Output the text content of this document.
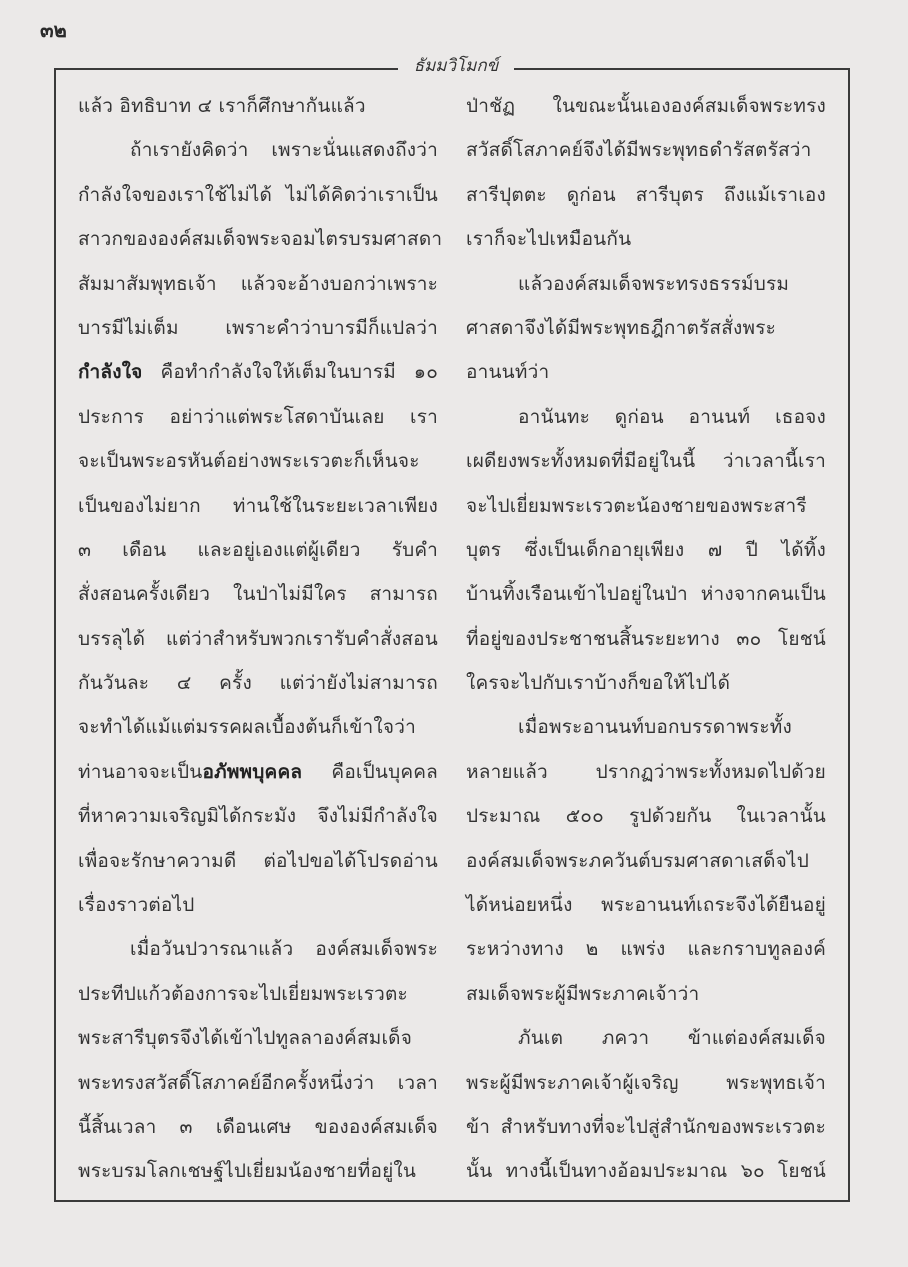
๓๒
ธัมมวิโมกข์
แล้ว อิทธิบาท ๔ เราก็ศึกษากันแล้ว
ถ้าเรายังคิดว่า เพราะนั่นแสดงถึงว่า
กำลังใจของเราใช้ไม่ได้ ไม่ได้คิดว่าเราเป็น
สาวกขององค์สมเด็จพระจอมไตรบรมศาสดา
สัมมาสัมพุทธเจ้า แล้วจะอ้างบอกว่าเพราะ
บารมีไม่เต็ม เพราะคำว่าบารมีก็แปลว่า
กำลังใจ คือทำกำลังใจให้เต็มในบารมี ๑๐
ประการ อย่าว่าแต่พระโสดาบันเลย เรา
จะเป็นพระอรหันต์อย่างพระเรวตะก็เห็นจะ
เป็นของไม่ยาก ท่านใช้ในระยะเวลาเพียง
๓ เดือน และอยู่เองแต่ผู้เดียว รับคำ
สั่งสอนครั้งเดียว ในป่าไม่มีใคร สามารถ
บรรลุได้ แต่ว่าสำหรับพวกเรารับคำสั่งสอน
กันวันละ ๔ ครั้ง แต่ว่ายังไม่สามารถ
จะทำได้แม้แต่มรรคผลเบื้องต้นก็เข้าใจว่า
ท่านอาจจะเป็นอภัพพบุคคล คือเป็นบุคคล
ที่หาความเจริญมิได้กระมัง จึงไม่มีกำลังใจ
เพื่อจะรักษาความดี ต่อไปขอได้โปรดอ่าน
เรื่องราวต่อไป
เมื่อวันปวารณาแล้ว องค์สมเด็จพระ
ประทีปแก้วต้องการจะไปเยี่ยมพระเรวตะ
พระสารีบุตรจึงได้เข้าไปทูลลาองค์สมเด็จ
พระทรงสวัสดิ์โสภาคย์อีกครั้งหนึ่งว่า เวลา
นี้สิ้นเวลา ๓ เดือนเศษ ขององค์สมเด็จ
พระบรมโลกเชษฐ์ไปเยี่ยมน้องชายที่อยู่ใน
ป่าชัฏ ในขณะนั้นเององค์สมเด็จพระทรง
สวัสดิ์โสภาคย์จึงได้มีพระพุทธดำรัสตรัสว่า
สารีปุตตะ ดูก่อน สารีบุตร ถึงแม้เราเอง
เราก็จะไปเหมือนกัน
แล้วองค์สมเด็จพระทรงธรรม์บรม
ศาสดาจึงได้มีพระพุทธฎีกาตรัสสั่งพระ
อานนท์ว่า
อานันทะ ดูก่อน อานนท์ เธอจง
เผดียงพระทั้งหมดที่มีอยู่ในนี้ ว่าเวลานี้เรา
จะไปเยี่ยมพระเรวตะน้องชายของพระสารี
บุตร ซึ่งเป็นเด็กอายุเพียง ๗ ปี ได้ทิ้ง
บ้านทิ้งเรือนเข้าไปอยู่ในป่า ห่างจากคนเป็น
ที่อยู่ของประชาชนสิ้นระยะทาง ๓๐ โยชน์
ใครจะไปกับเราบ้างก็ขอให้ไปได้
เมื่อพระอานนท์บอกบรรดาพระทั้ง
หลายแล้ว ปรากฏว่าพระทั้งหมดไปด้วย
ประมาณ ๕๐๐ รูปด้วยกัน ในเวลานั้น
องค์สมเด็จพระภควันต์บรมศาสดาเสด็จไป
ได้หน่อยหนึ่ง พระอานนท์เถระจึงได้ยืนอยู่
ระหว่างทาง ๒ แพร่ง และกราบทูลองค์
สมเด็จพระผู้มีพระภาคเจ้าว่า
ภันเต ภควา ข้าแต่องค์สมเด็จ
พระผู้มีพระภาคเจ้าผู้เจริญ พระพุทธเจ้า
ข้า สำหรับทางที่จะไปสู่สำนักของพระเรวตะ
นั้น ทางนี้เป็นทางอ้อมประมาณ ๖๐ โยชน์
